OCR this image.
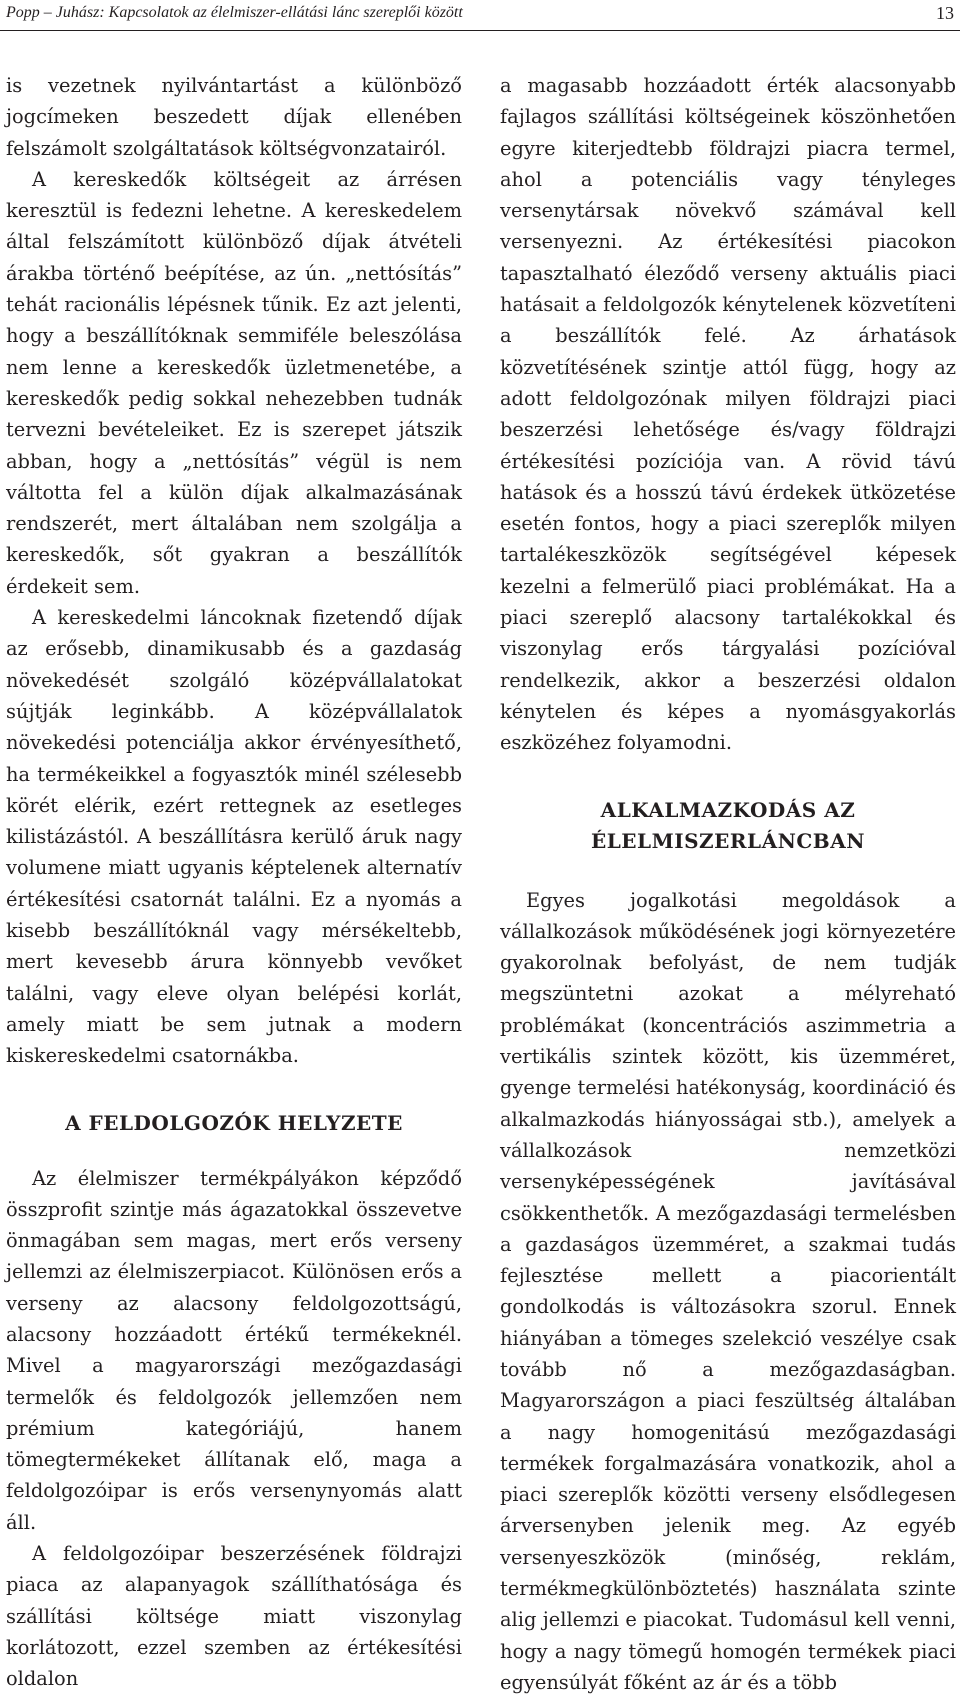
Popp – Juhász: Kapcsolatok az élelmiszer-ellátási lánc szereplői között	13

is vezetnek nyilvántartást a különböző jogcímeken beszedett díjak ellenében felszámolt szolgáltatások költségvonzatairól.

A kereskedők költségeit az árrésen keresztül is fedezni lehetne. A kereskedelem által felszámított különböző díjak átvételi árakba történő beépítése, az ún. „nettósítás” tehát racionális lépésnek tűnik. Ez azt jelenti, hogy a beszállítóknak semmiféle beleszólása nem lenne a kereskedők üzletmenetébe, a kereskedők pedig sokkal nehezebben tudnák tervezni bevételeiket. Ez is szerepet játszik abban, hogy a „nettósítás” végül is nem váltotta fel a külön díjak alkalmazásának rendszerét, mert általában nem szolgálja a kereskedők, sőt gyakran a beszállítók érdekeit sem.

A kereskedelmi láncoknak fizetendő díjak az erősebb, dinamikusabb és a gazdaság növekedését szolgáló középvállalatokat sújtják leginkább. A középvállalatok növekedési potenciálja akkor érvényesíthető, ha termékeikkel a fogyasztók minél szélesebb körét elérik, ezért rettegnek az esetleges kilistázástól. A beszállításra kerülő áruk nagy volumene miatt ugyanis képtelenek alternatív értékesítési csatornát találni. Ez a nyomás a kisebb beszállítóknál vagy mérsékeltebb, mert kevesebb árura könnyebb vevőket találni, vagy eleve olyan belépési korlát, amely miatt be sem jutnak a modern kiskereskedelmi csatornákba.

A FELDOLGOZÓK HELYZETE

Az élelmiszer termékpályákon képződő összprofit szintje más ágazatokkal összevetve önmagában sem magas, mert erős verseny jellemzi az élelmiszerpiacot. Különösen erős a verseny az alacsony feldolgozottságú, alacsony hozzáadott értékű termékeknél. Mivel a magyarországi mezőgazdasági termelők és feldolgozók jellemzően nem prémium kategóriájú, hanem tömegtermékeket állítanak elő, maga a feldolgozóipar is erős versenynyomás alatt áll.

A feldolgozóipar beszerzésének földrajzi piaca az alapanyagok szállíthatósága és szállítási költsége miatt viszonylag korlátozott, ezzel szemben az értékesítési oldalon

a magasabb hozzáadott érték alacsonyabb fajlagos szállítási költségeinek köszönhetően egyre kiterjedtebb földrajzi piacra termel, ahol a potenciális vagy tényleges versenytársak növekvő számával kell versenyezni. Az értékesítési piacokon tapasztalható éleződő verseny aktuális piaci hatásait a feldolgozók kénytelenek közvetíteni a beszállítók felé. Az árhatások közvetítésének szintje attól függ, hogy az adott feldolgozónak milyen földrajzi piaci beszerzési lehetősége és/vagy földrajzi értékesítési pozíciója van. A rövid távú hatások és a hosszú távú érdekek ütközetése esetén fontos, hogy a piaci szereplők milyen tartalékeszközök segítségével képesek kezelni a felmerülő piaci problémákat. Ha a piaci szereplő alacsony tartalékokkal és viszonylag erős tárgyalási pozícióval rendelkezik, akkor a beszerzési oldalon kénytelen és képes a nyomásgyakorlás eszközéhez folyamodni.

ALKALMAZKODÁS AZ
ÉLELMISZERLÁNCBAN

Egyes jogalkotási megoldások a vállalkozások működésének jogi környezetére gyakorolnak befolyást, de nem tudják megszüntetni azokat a mélyreható problémákat (koncentrációs aszimmetria a vertikális szintek között, kis üzemméret, gyenge termelési hatékonyság, koordináció és alkalmazkodás hiányosságai stb.), amelyek a vállalkozások nemzetközi versenyképességének javításával csökkenthetők. A mezőgazdasági termelésben a gazdaságos üzemméret, a szakmai tudás fejlesztése mellett a piacorientált gondolkodás is változásokra szorul. Ennek hiányában a tömeges szelekció veszélye csak tovább nő a mezőgazdaságban. Magyarországon a piaci feszültség általában a nagy homogenitású mezőgazdasági termékek forgalmazására vonatkozik, ahol a piaci szereplők közötti verseny elsődlegesen árversenyben jelenik meg. Az egyéb versenyeszközök (minőség, reklám, termékmegkülönböztetés) használata szinte alig jellemzi e piacokat. Tudomásul kell venni, hogy a nagy tömegű homogén termékek piaci egyensúlyát főként az ár és a több
